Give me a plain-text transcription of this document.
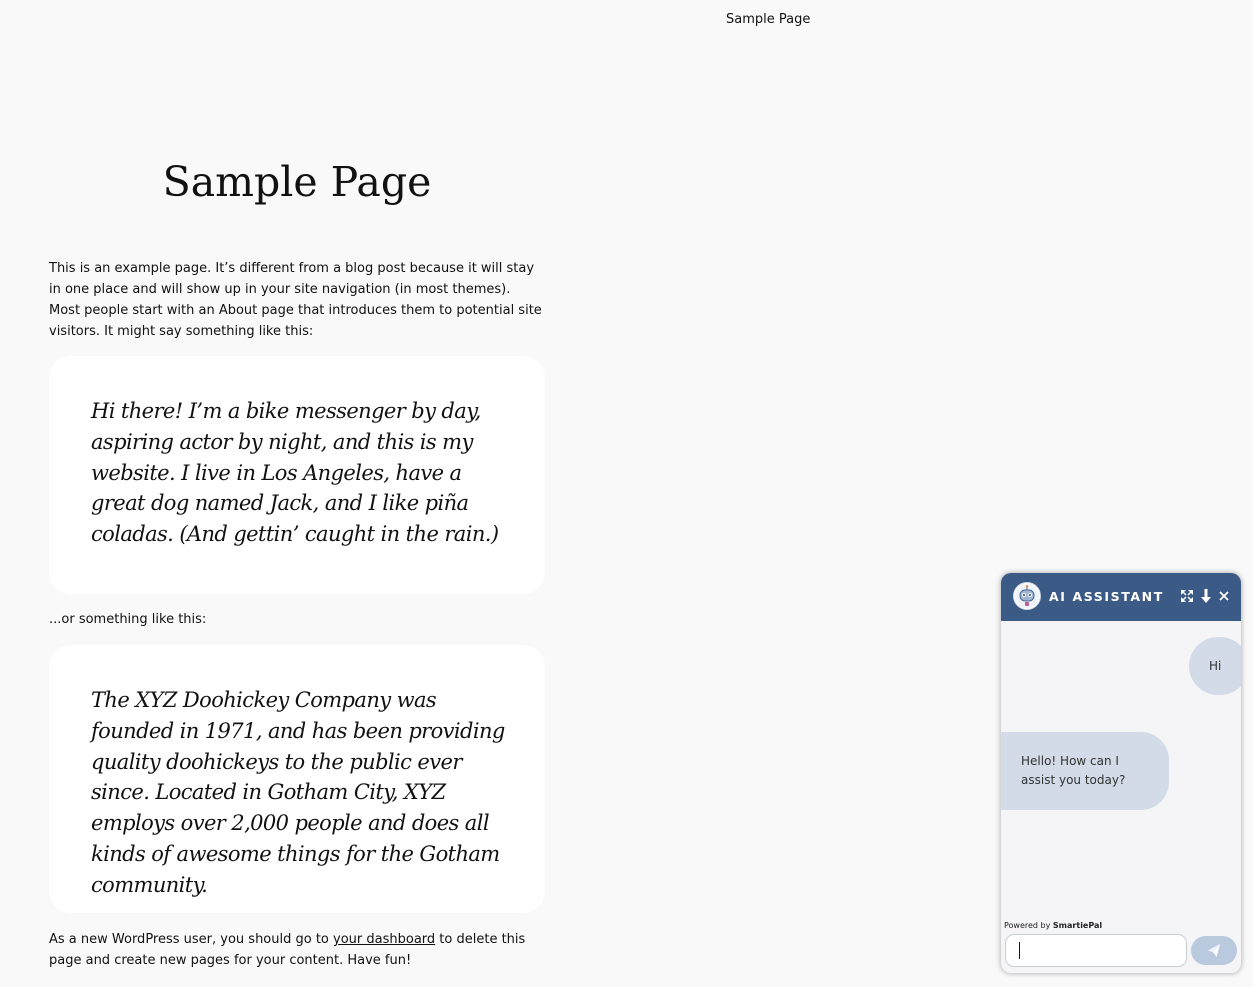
Sample Page
Sample Page

This is an example page. It’s different from a blog post because it will stay in one place and will show up in your site navigation (in most themes). Most people start with an About page that introduces them to potential site visitors. It might say something like this:

Hi there! I’m a bike messenger by day, aspiring actor by night, and this is my website. I live in Los Angeles, have a great dog named Jack, and I like piña coladas. (And gettin’ caught in the rain.)

...or something like this:

The XYZ Doohickey Company was founded in 1971, and has been providing quality doohickeys to the public ever since. Located in Gotham City, XYZ employs over 2,000 people and does all kinds of awesome things for the Gotham community.

As a new WordPress user, you should go to your dashboard to delete this page and create new pages for your content. Have fun!

AI ASSISTANT
Hi
Hello! How can I assist you today?
Powered by SmartiePal
